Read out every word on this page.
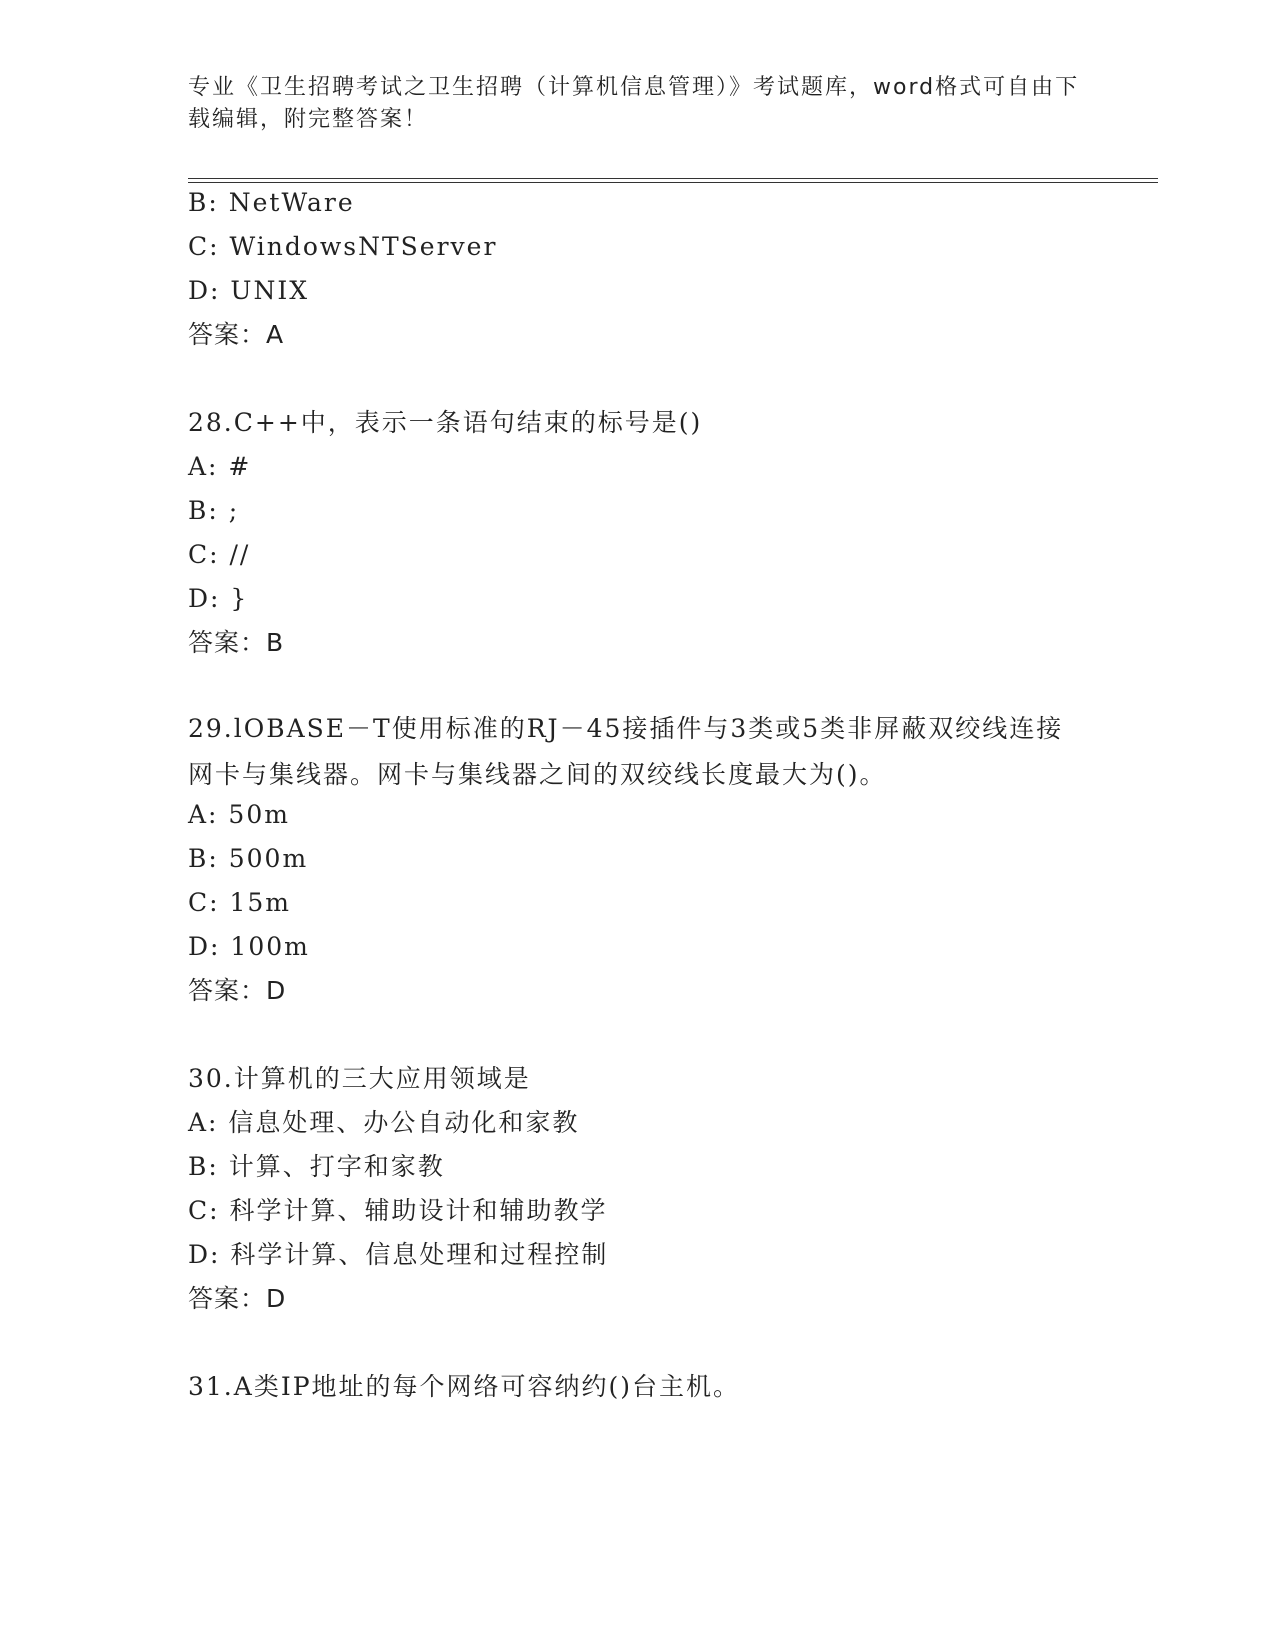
专业《卫生招聘考试之卫生招聘（计算机信息管理）》考试题库，word格式可自由下载编辑，附完整答案！
B: NetWare
C: WindowsNTServer
D: UNIX
答案：A
28.C++中，表示一条语句结束的标号是()
A: #
B: ;
C: //
D: }
答案：B
29.lOBASE－T使用标准的RJ－45接插件与3类或5类非屏蔽双绞线连接网卡与集线器。网卡与集线器之间的双绞线长度最大为()。
A: 50m
B: 500m
C: 15m
D: 100m
答案：D
30.计算机的三大应用领域是
A: 信息处理、办公自动化和家教
B: 计算、打字和家教
C: 科学计算、辅助设计和辅助教学
D: 科学计算、信息处理和过程控制
答案：D
31.A类IP地址的每个网络可容纳约()台主机。
